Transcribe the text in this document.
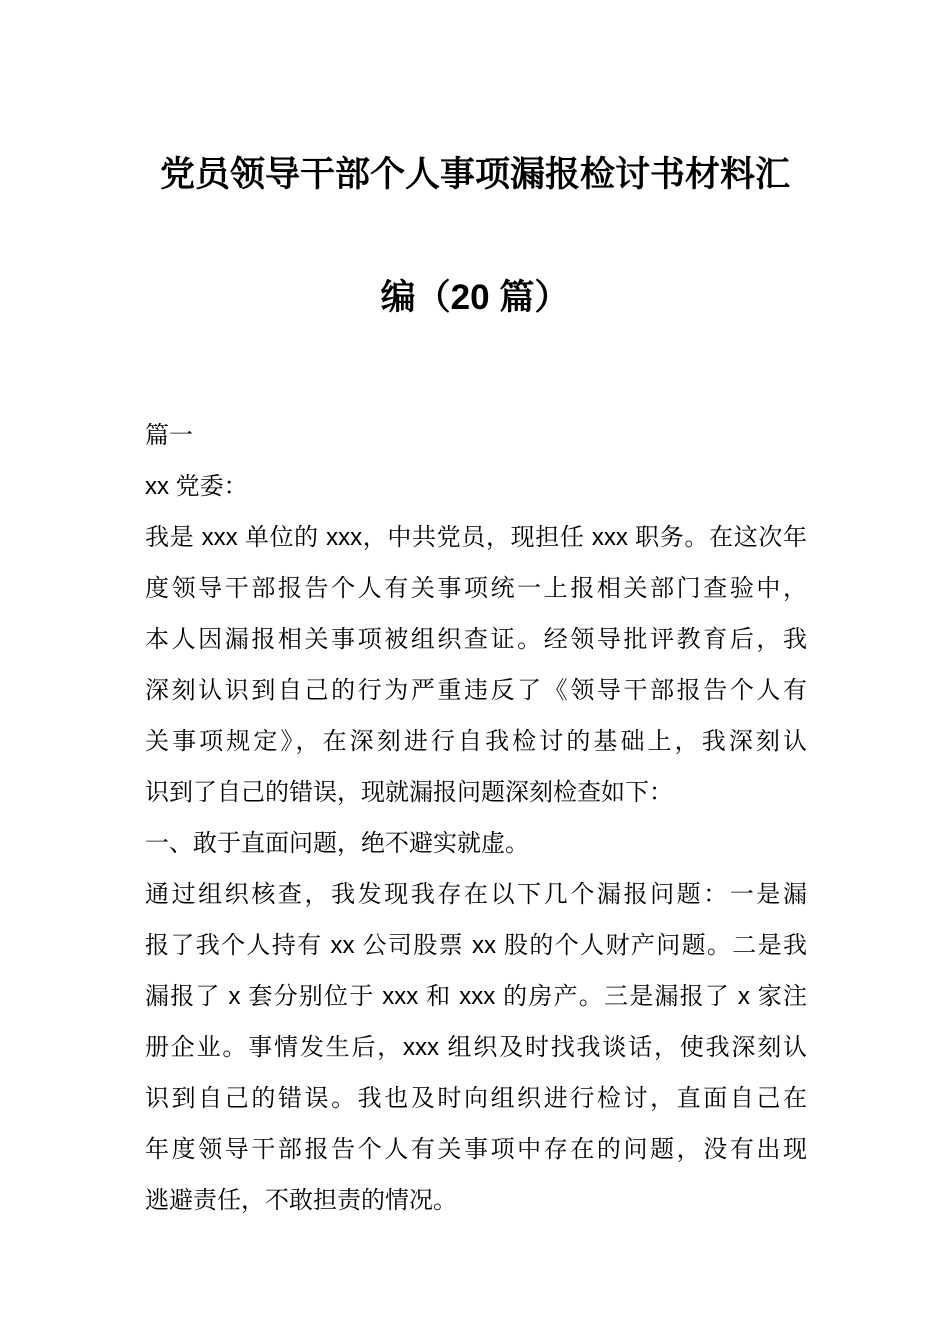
党员领导干部个人事项漏报检讨书材料汇
编（20 篇）
篇一
xx 党委：
我是 xxx 单位的 xxx，中共党员，现担任 xxx 职务。在这次年
度领导干部报告个人有关事项统一上报相关部门查验中，
本人因漏报相关事项被组织查证。经领导批评教育后，我
深刻认识到自己的行为严重违反了《领导干部报告个人有
关事项规定》，在深刻进行自我检讨的基础上，我深刻认
识到了自己的错误，现就漏报问题深刻检查如下：
一、敢于直面问题，绝不避实就虚。
通过组织核查，我发现我存在以下几个漏报问题：一是漏
报了我个人持有 xx 公司股票 xx 股的个人财产问题。二是我
漏报了 x 套分别位于 xxx 和 xxx 的房产。三是漏报了 x 家注
册企业。事情发生后，xxx 组织及时找我谈话，使我深刻认
识到自己的错误。我也及时向组织进行检讨，直面自己在
年度领导干部报告个人有关事项中存在的问题，没有出现
逃避责任，不敢担责的情况。
